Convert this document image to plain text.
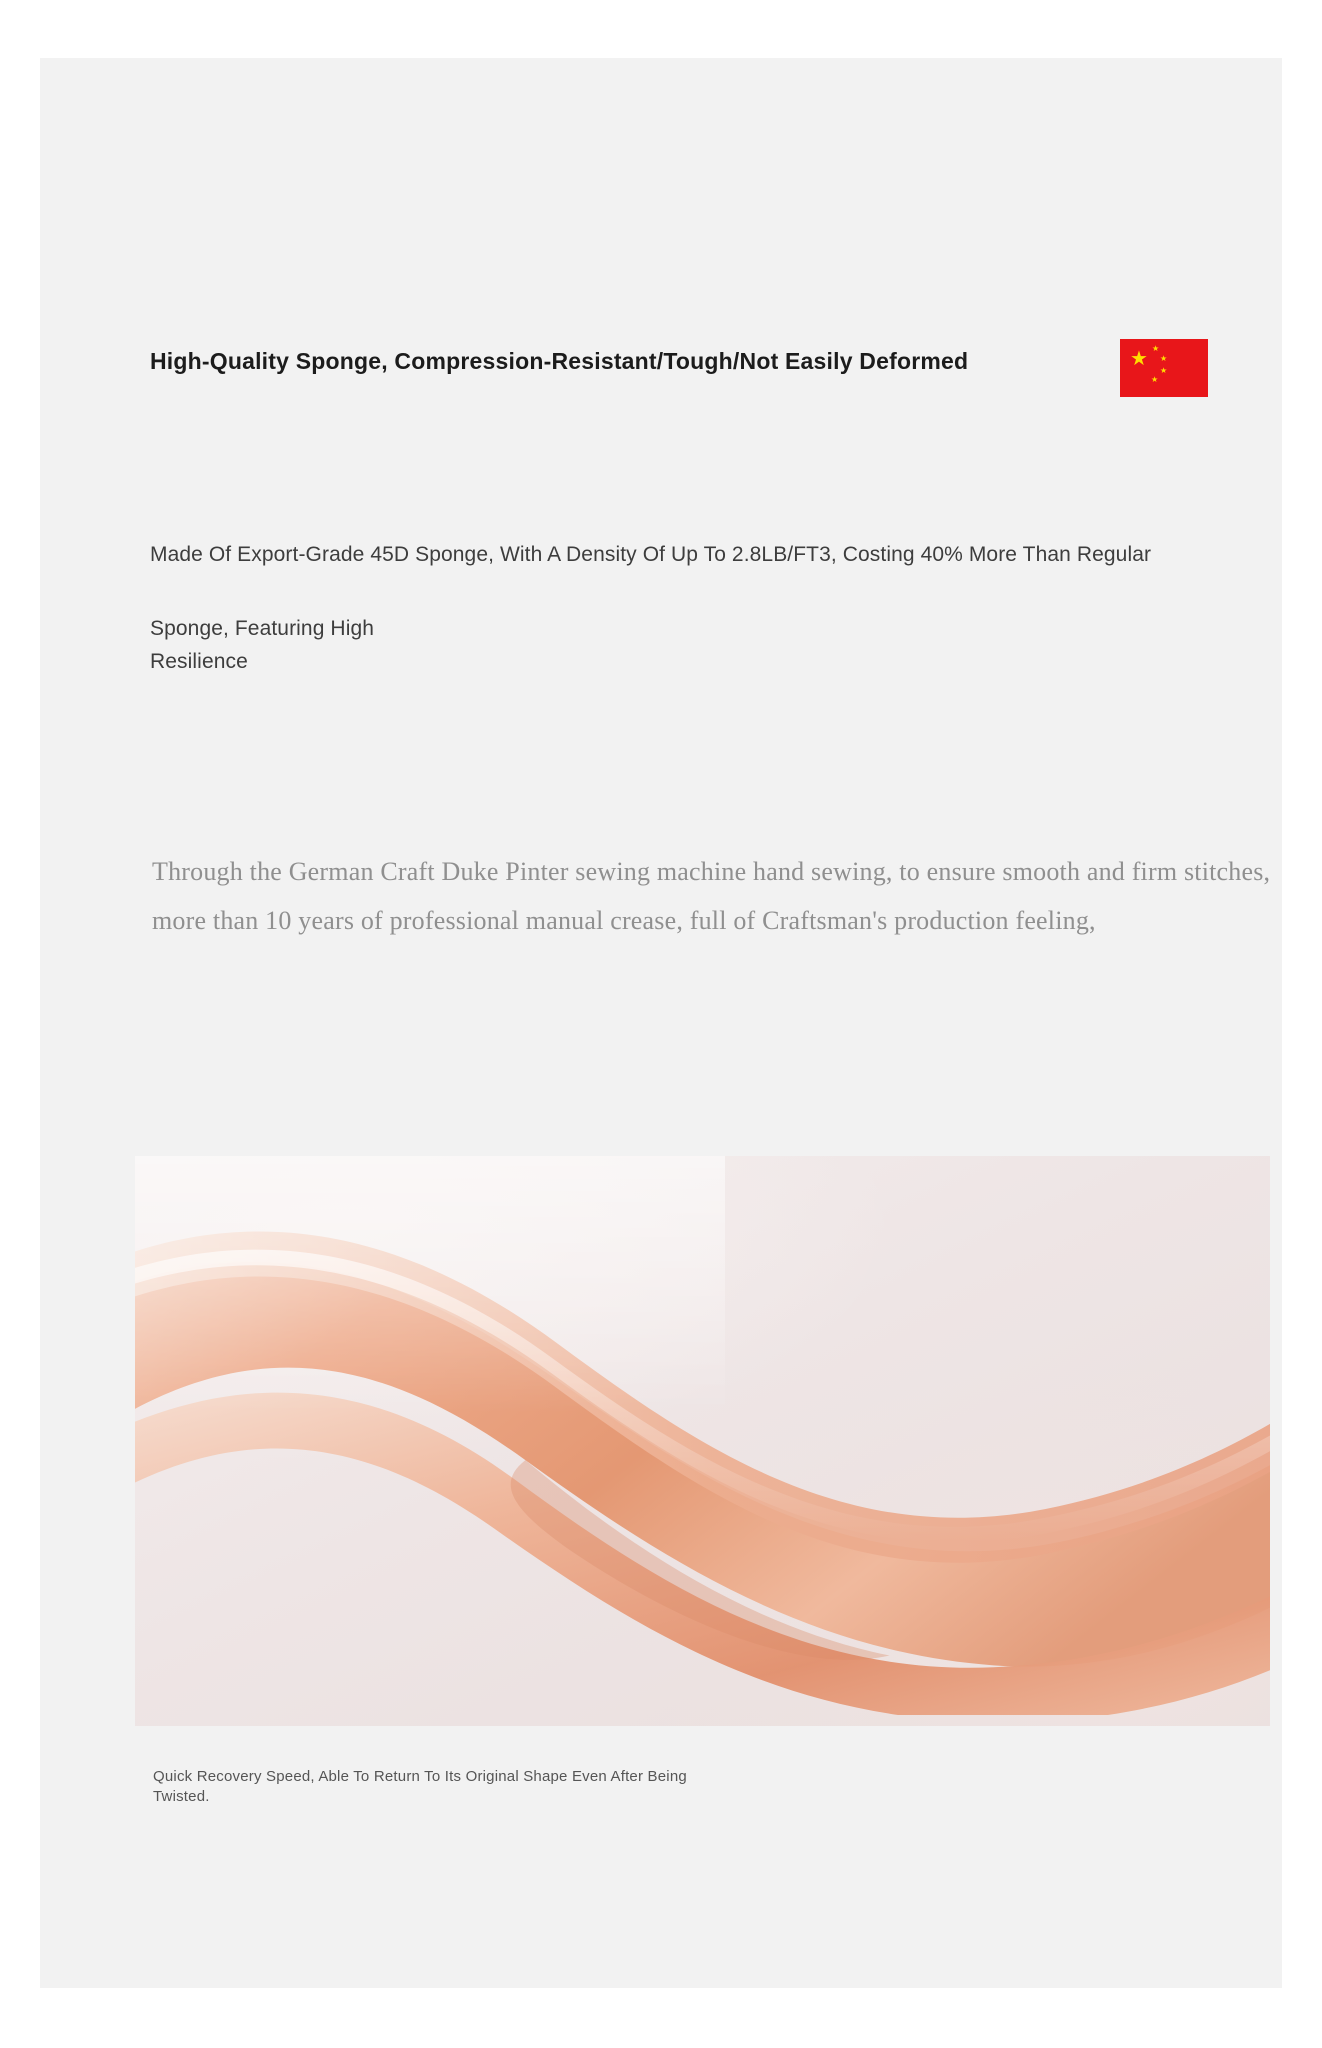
High-Quality Sponge, Compression-Resistant/Tough/Not Easily Deformed	★ ★
★
★
★
Made Of Export-Grade 45D Sponge, With A Density Of Up To 2.8LB/FT3, Costing 40% More Than Regular
Sponge, Featuring High
Resilience
Through the German Craft Duke Pinter sewing machine hand sewing, to ensure smooth and firm stitches, more than 10 years of professional manual crease, full of Craftsman's production feeling,
Quick Recovery Speed, Able To Return To Its Original Shape Even After Being Twisted.
